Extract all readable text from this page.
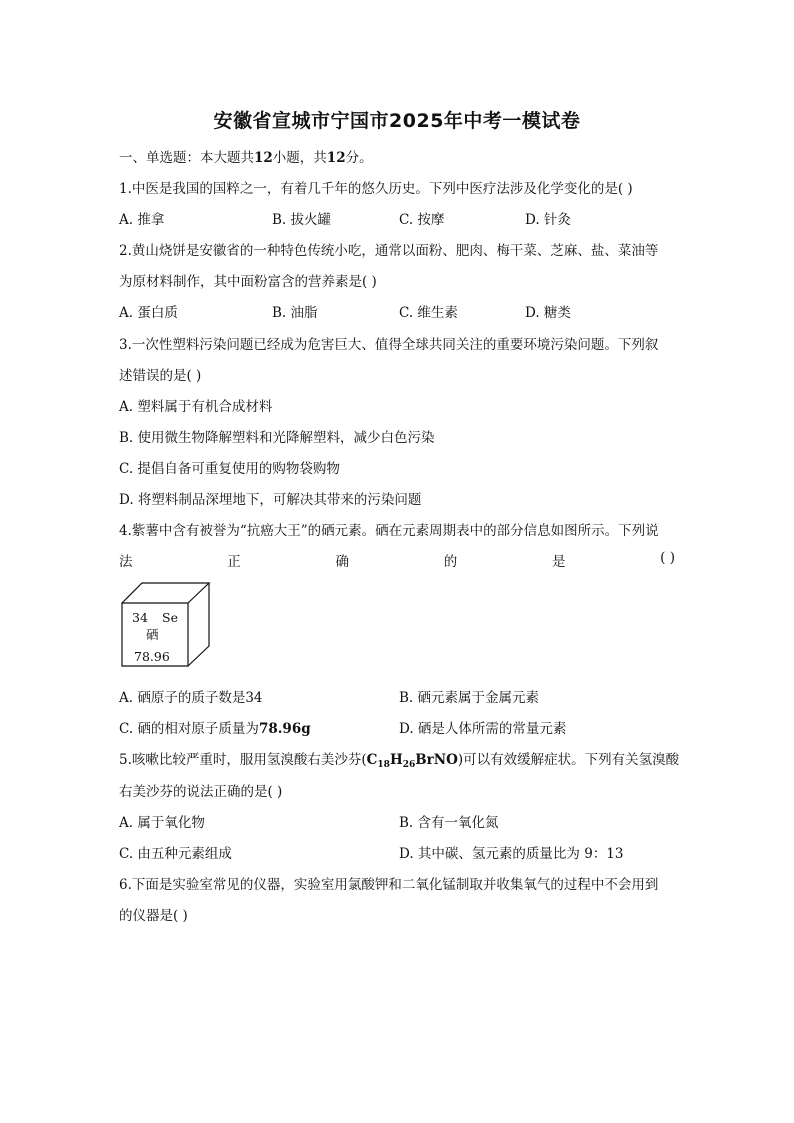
安徽省宣城市宁国市2025年中考一模试卷
一、单选题：本大题共12小题，共12分。
1.中医是我国的国粹之一，有着几千年的悠久历史。下列中医疗法涉及化学变化的是( )
A. 推拿	B. 拔火罐	C. 按摩	D. 针灸
2.黄山烧饼是安徽省的一种特色传统小吃，通常以面粉、肥肉、梅干菜、芝麻、盐、菜油等
为原材料制作，其中面粉富含的营养素是( )
A. 蛋白质	B. 油脂	C. 维生素	D. 糖类
3.一次性塑料污染问题已经成为危害巨大、值得全球共同关注的重要环境污染问题。下列叙
述错误的是( )
A. 塑料属于有机合成材料
B. 使用微生物降解塑料和光降解塑料，减少白色污染
C. 提倡自备可重复使用的购物袋购物
D. 将塑料制品深埋地下，可解决其带来的污染问题
4.紫薯中含有被誉为“抗癌大王”的硒元素。硒在元素周期表中的部分信息如图所示。下列说
法	正	确	的	是	( )
34 Se
硒
78.96
A. 硒原子的质子数是34	B. 硒元素属于金属元素
C. 硒的相对原子质量为78.96g	D. 硒是人体所需的常量元素
5.咳嗽比较严重时，服用氢溴酸右美沙芬$(C_{18}H_{26}BrNO)$可以有效缓解症状。下列有关氢溴酸
右美沙芬的说法正确的是( )
A. 属于氧化物	B. 含有一氧化氮
C. 由五种元素组成	D. 其中碳、氢元素的质量比为 9：13
6.下面是实验室常见的仪器，实验室用氯酸钾和二氧化锰制取并收集氧气的过程中不会用到
的仪器是( )
